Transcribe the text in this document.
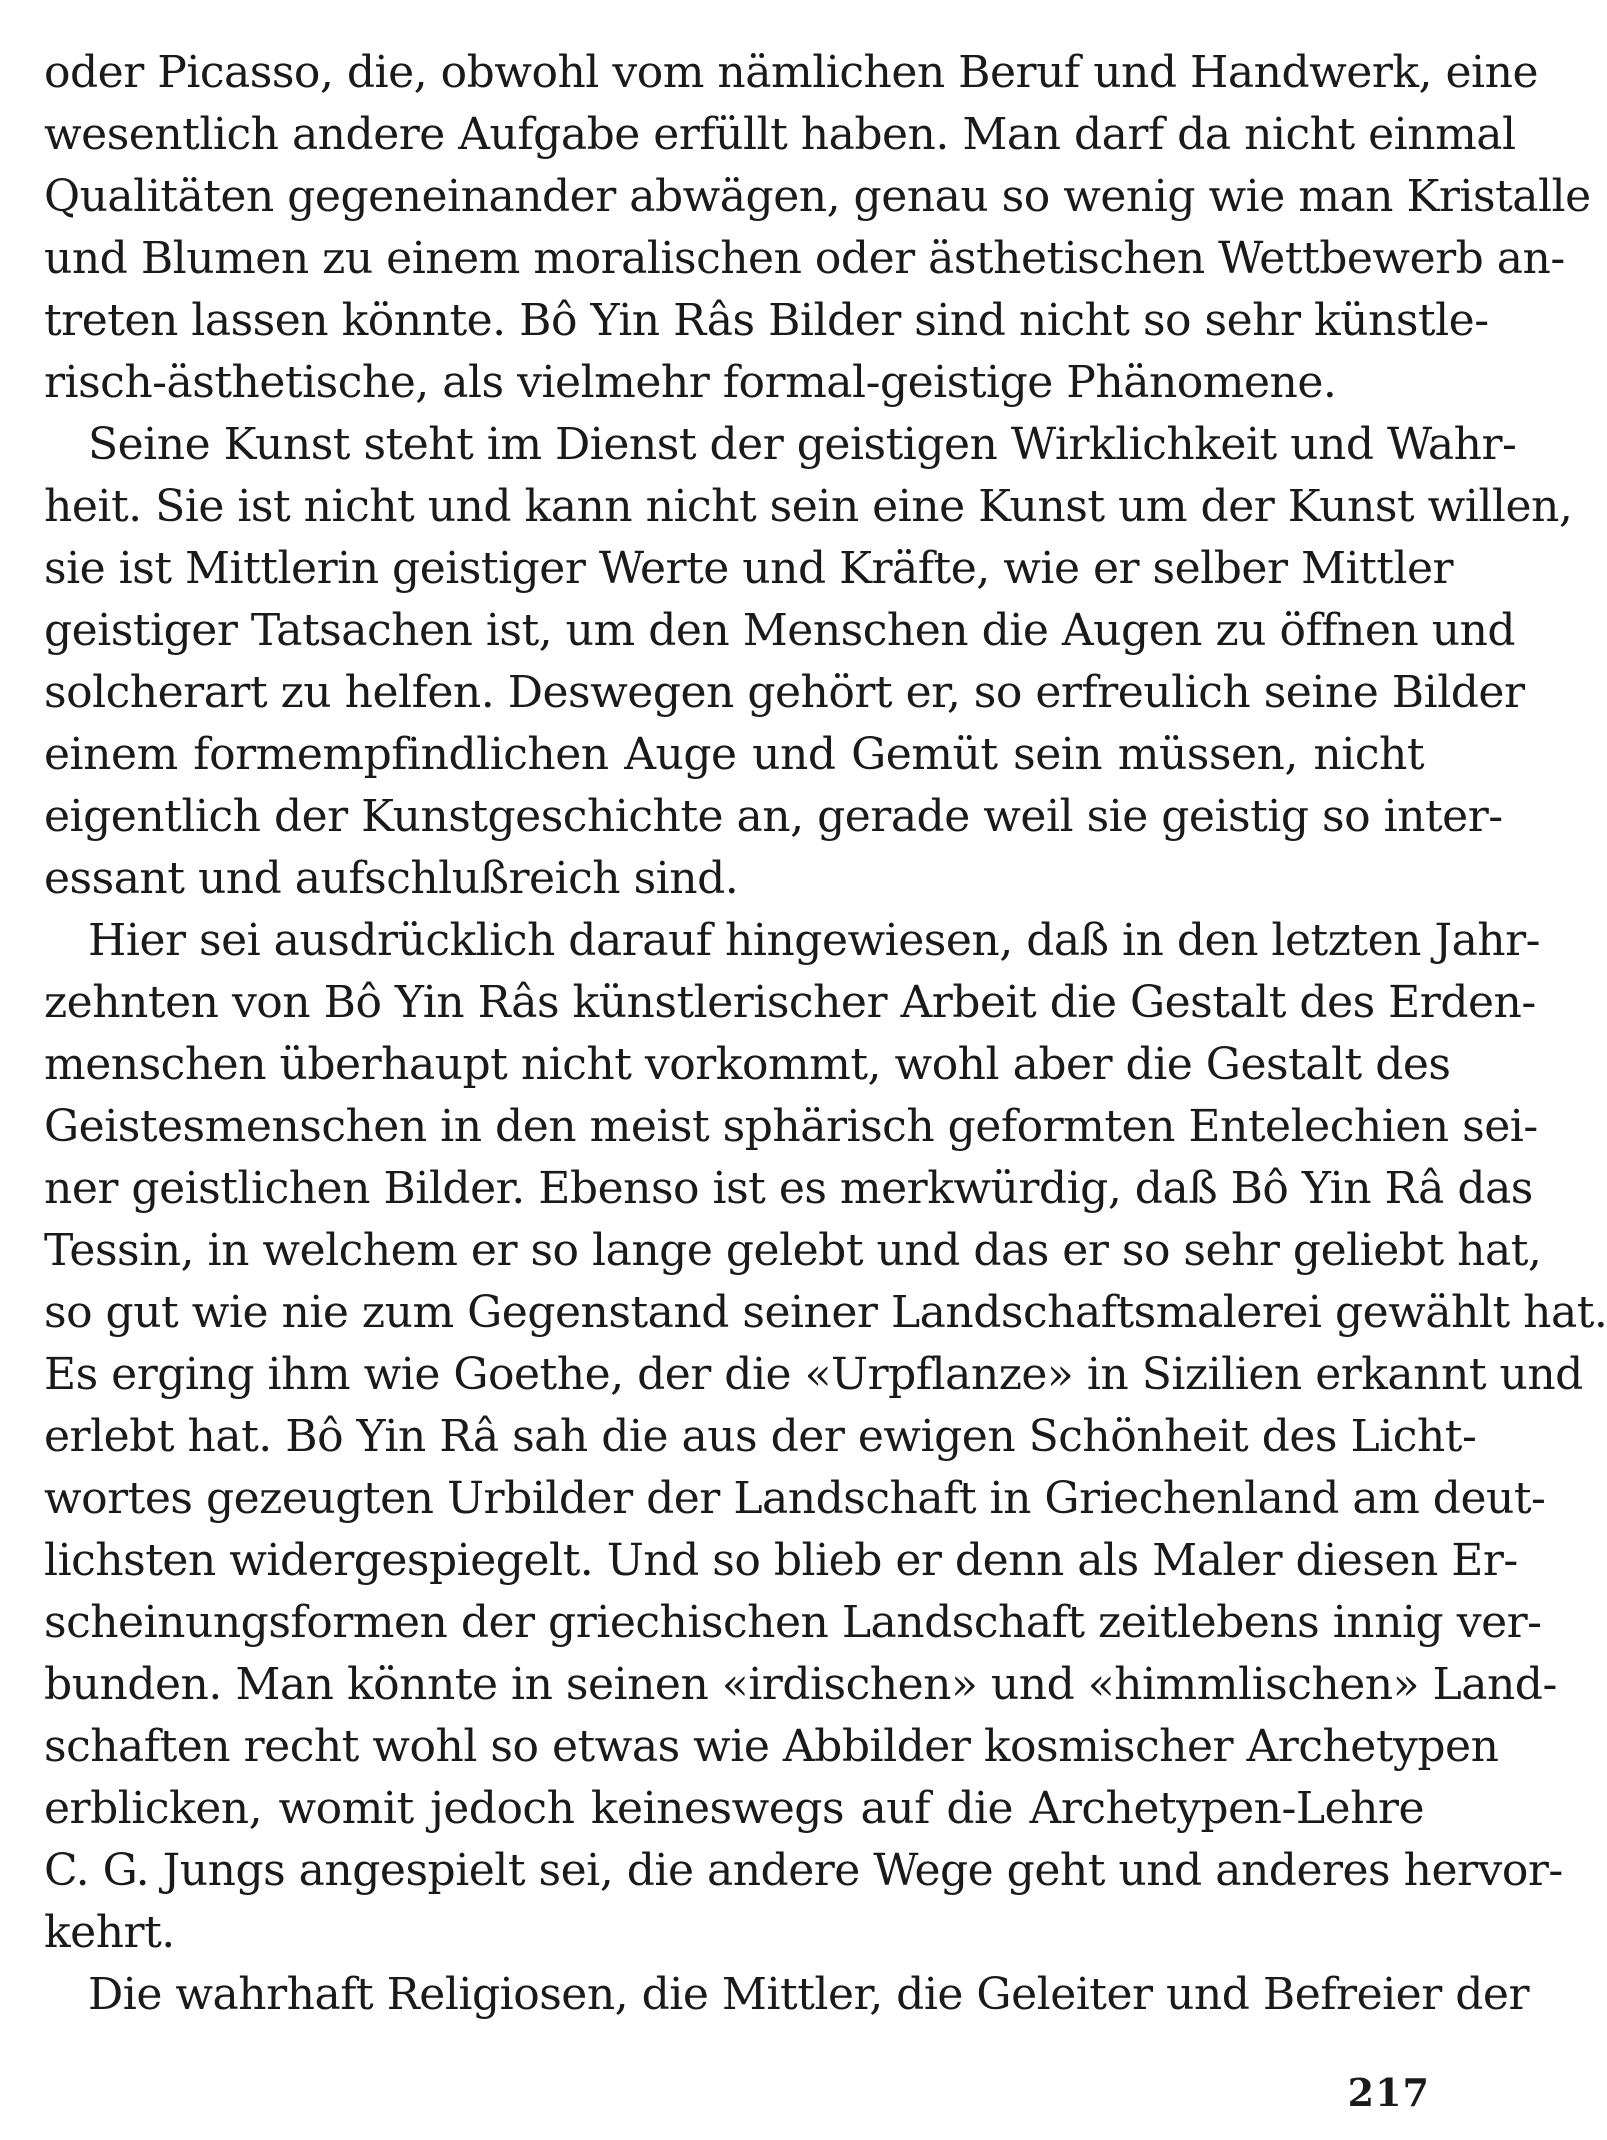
oder Picasso, die, obwohl vom nämlichen Beruf und Handwerk, eine
wesentlich andere Aufgabe erfüllt haben. Man darf da nicht einmal
Qualitäten gegeneinander abwägen, genau so wenig wie man Kristalle
und Blumen zu einem moralischen oder ästhetischen Wettbewerb an-
treten lassen könnte. Bô Yin Râs Bilder sind nicht so sehr künstle-
risch-ästhetische, als vielmehr formal-geistige Phänomene.
Seine Kunst steht im Dienst der geistigen Wirklichkeit und Wahr-
heit. Sie ist nicht und kann nicht sein eine Kunst um der Kunst willen,
sie ist Mittlerin geistiger Werte und Kräfte, wie er selber Mittler
geistiger Tatsachen ist, um den Menschen die Augen zu öffnen und
solcherart zu helfen. Deswegen gehört er, so erfreulich seine Bilder
einem formempfindlichen Auge und Gemüt sein müssen, nicht
eigentlich der Kunstgeschichte an, gerade weil sie geistig so inter-
essant und aufschlußreich sind.
Hier sei ausdrücklich darauf hingewiesen, daß in den letzten Jahr-
zehnten von Bô Yin Râs künstlerischer Arbeit die Gestalt des Erden-
menschen überhaupt nicht vorkommt, wohl aber die Gestalt des
Geistesmenschen in den meist sphärisch geformten Entelechien sei-
ner geistlichen Bilder. Ebenso ist es merkwürdig, daß Bô Yin Râ das
Tessin, in welchem er so lange gelebt und das er so sehr geliebt hat,
so gut wie nie zum Gegenstand seiner Landschaftsmalerei gewählt hat.
Es erging ihm wie Goethe, der die «Urpflanze» in Sizilien erkannt und
erlebt hat. Bô Yin Râ sah die aus der ewigen Schönheit des Licht-
wortes gezeugten Urbilder der Landschaft in Griechenland am deut-
lichsten widergespiegelt. Und so blieb er denn als Maler diesen Er-
scheinungsformen der griechischen Landschaft zeitlebens innig ver-
bunden. Man könnte in seinen «irdischen» und «himmlischen» Land-
schaften recht wohl so etwas wie Abbilder kosmischer Archetypen
erblicken, womit jedoch keineswegs auf die Archetypen-Lehre
C. G. Jungs angespielt sei, die andere Wege geht und anderes hervor-
kehrt.
Die wahrhaft Religiosen, die Mittler, die Geleiter und Befreier der
217
